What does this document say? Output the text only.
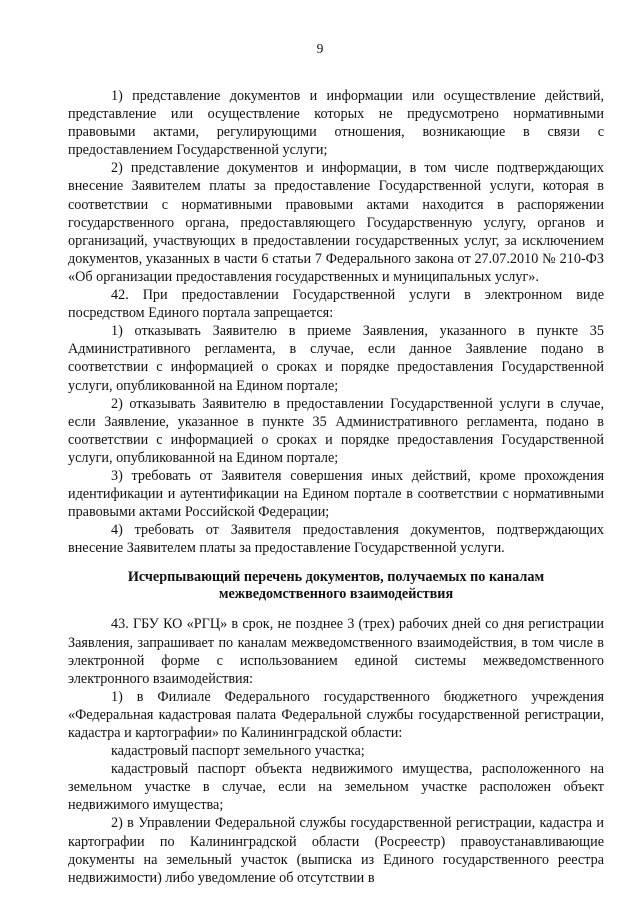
9

1) представление документов и информации или осуществление действий, представление или осуществление которых не предусмотрено нормативными правовыми актами, регулирующими отношения, возникающие в связи с предоставлением Государственной услуги;

2) представление документов и информации, в том числе подтверждающих внесение Заявителем платы за предоставление Государственной услуги, которая в соответствии с нормативными правовыми актами находится в распоряжении государственного органа, предоставляющего Государственную услугу, органов и организаций, участвующих в предоставлении государственных услуг, за исключением документов, указанных в части 6 статьи 7 Федерального закона от 27.07.2010 № 210-ФЗ «Об организации предоставления государственных и муниципальных услуг».

42. При предоставлении Государственной услуги в электронном виде посредством Единого портала запрещается:

1) отказывать Заявителю в приеме Заявления, указанного в пункте 35 Административного регламента, в случае, если данное Заявление подано в соответствии с информацией о сроках и порядке предоставления Государственной услуги, опубликованной на Едином портале;

2) отказывать Заявителю в предоставлении Государственной услуги в случае, если Заявление, указанное в пункте 35 Административного регламента, подано в соответствии с информацией о сроках и порядке предоставления Государственной услуги, опубликованной на Едином портале;

3) требовать от Заявителя совершения иных действий, кроме прохождения идентификации и аутентификации на Едином портале в соответствии с нормативными правовыми актами Российской Федерации;

4) требовать от Заявителя предоставления документов, подтверждающих внесение Заявителем платы за предоставление Государственной услуги.

Исчерпывающий перечень документов, получаемых по каналам межведомственного взаимодействия

43. ГБУ КО «РГЦ» в срок, не позднее 3 (трех) рабочих дней со дня регистрации Заявления, запрашивает по каналам межведомственного взаимодействия, в том числе в электронной форме с использованием единой системы межведомственного электронного взаимодействия:

1) в Филиале Федерального государственного бюджетного учреждения «Федеральная кадастровая палата Федеральной службы государственной регистрации, кадастра и картографии» по Калининградской области:

кадастровый паспорт земельного участка;

кадастровый паспорт объекта недвижимого имущества, расположенного на земельном участке в случае, если на земельном участке расположен объект недвижимого имущества;

2) в Управлении Федеральной службы государственной регистрации, кадастра и картографии по Калининградской области (Росреестр) правоустанавливающие документы на земельный участок (выписка из Единого государственного реестра недвижимости) либо уведомление об отсутствии в
